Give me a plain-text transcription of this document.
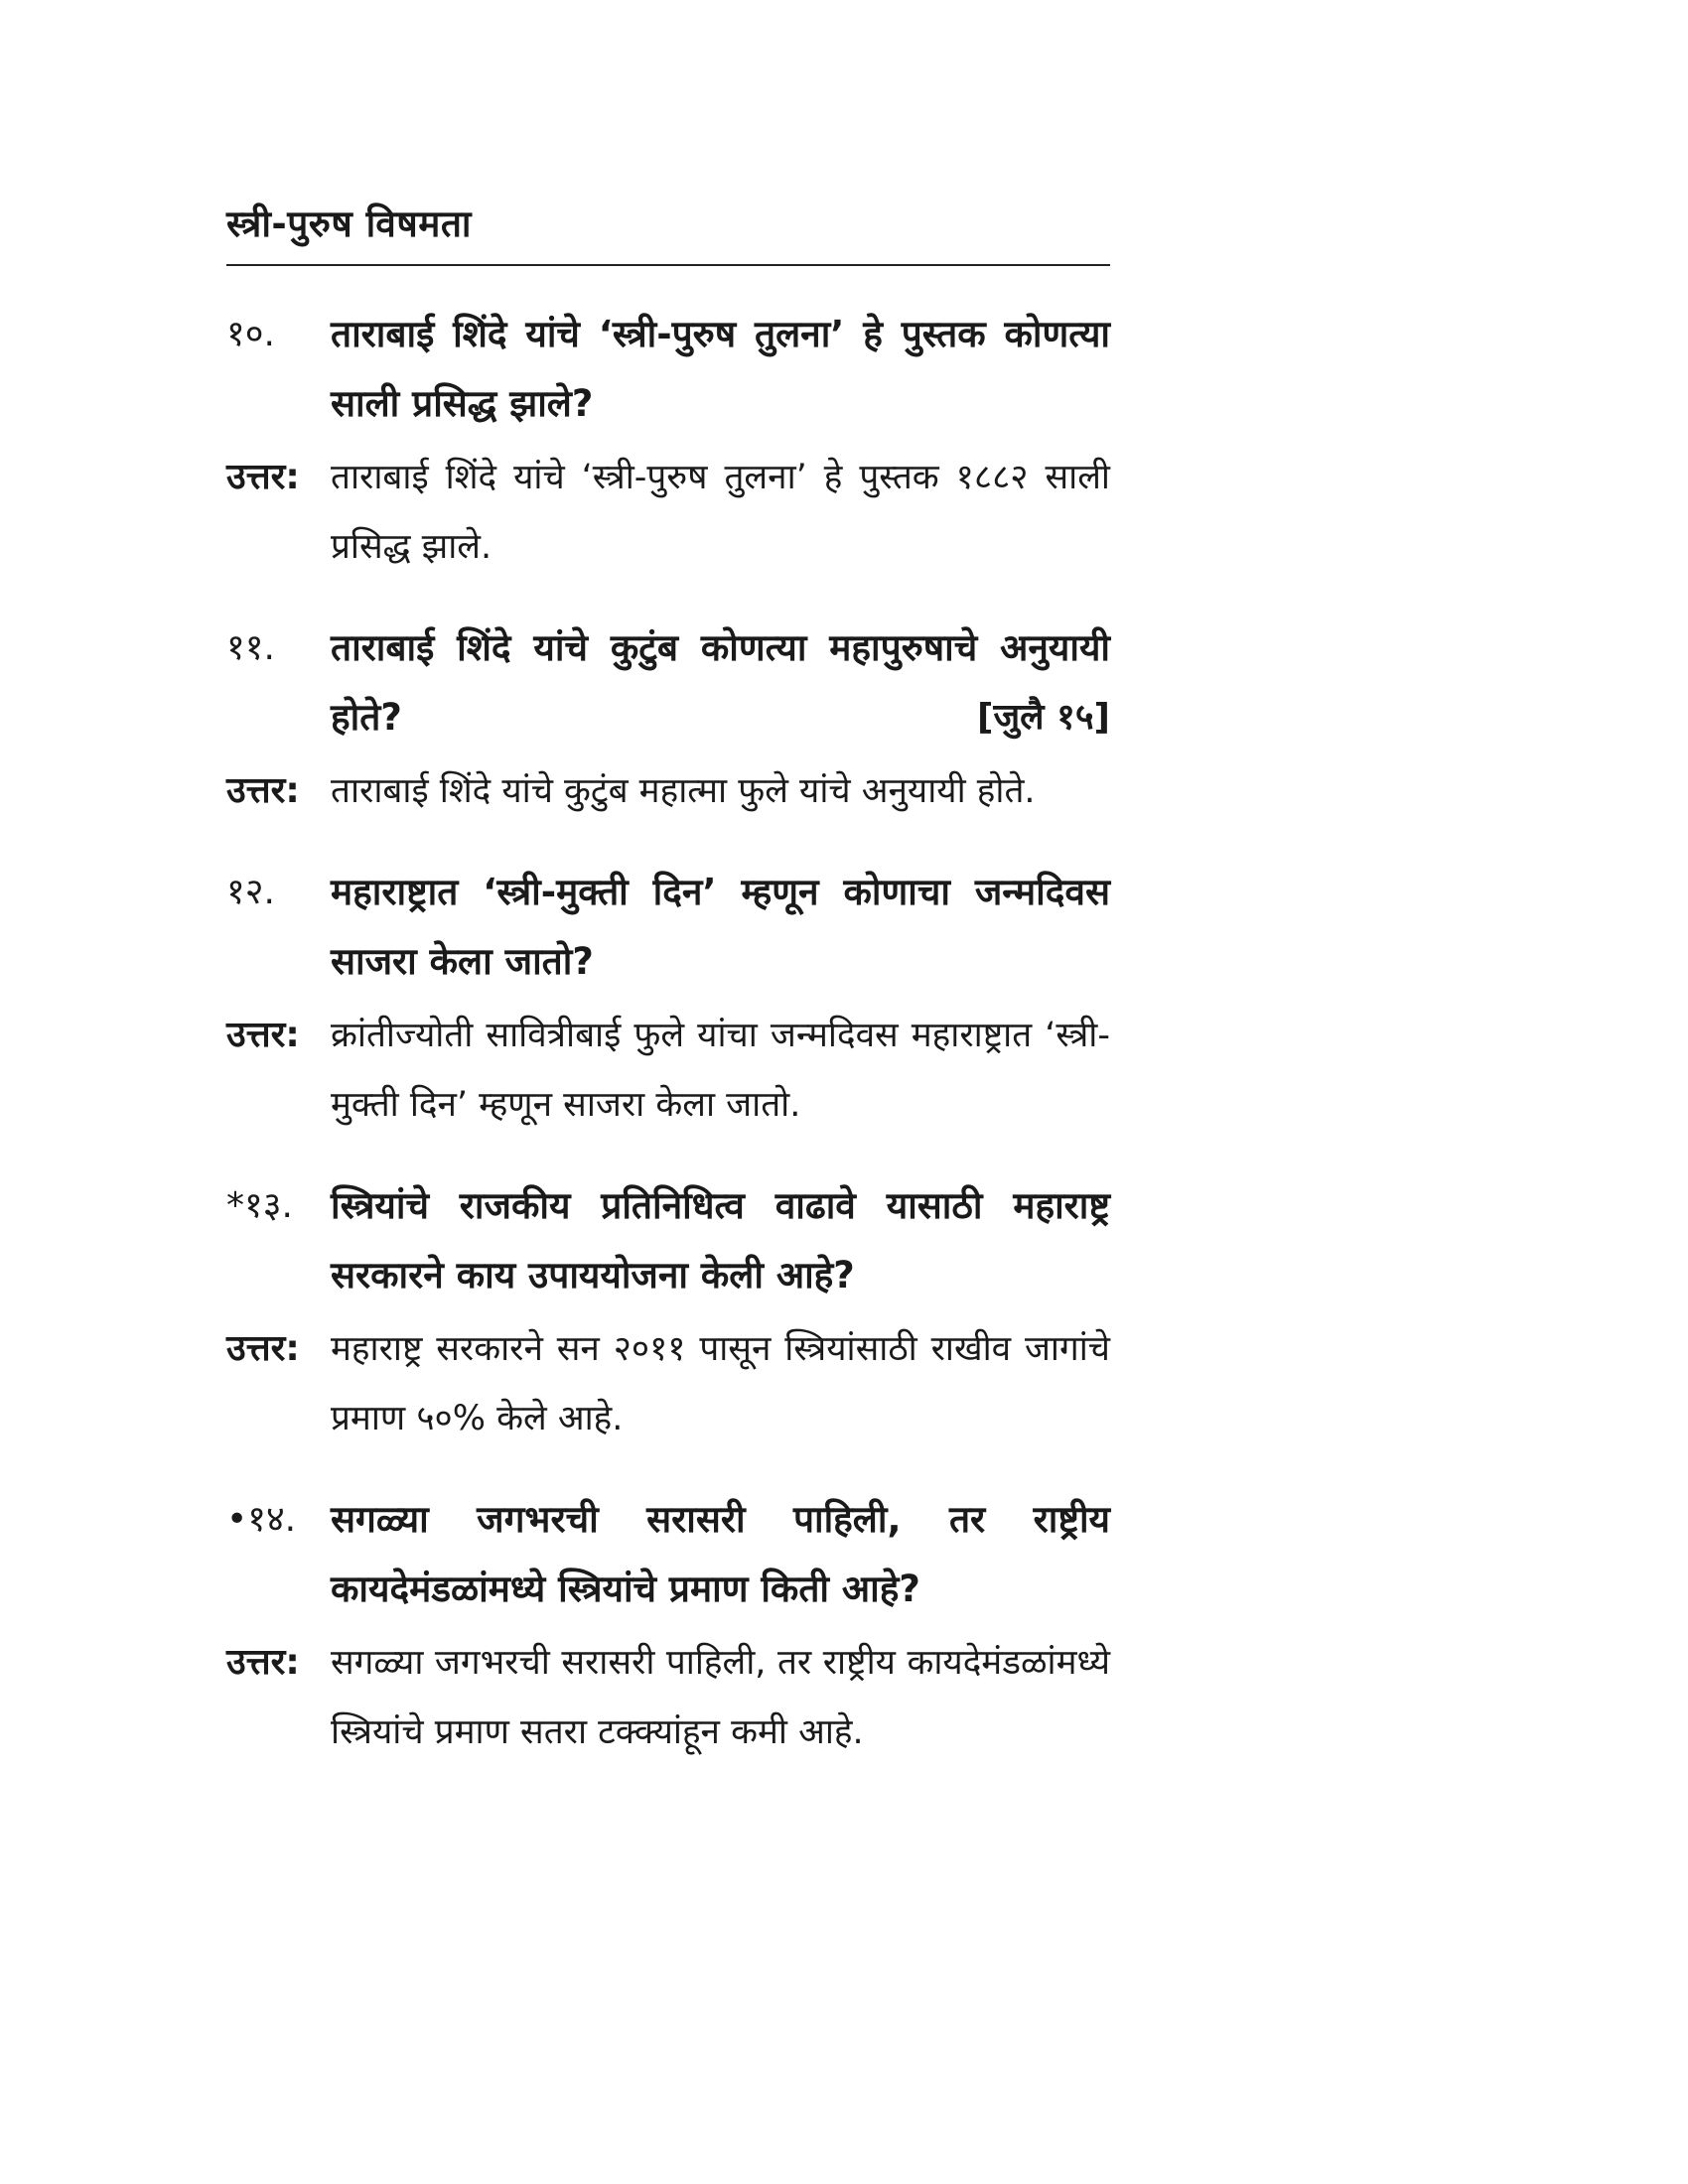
स्त्री-पुरुष विषमता
१०.	ताराबाई शिंदे यांचे ‘स्त्री-पुरुष तुलना’ हे पुस्तक कोणत्या साली प्रसिद्ध झाले?
उत्तर: ताराबाई शिंदे यांचे ‘स्त्री-पुरुष तुलना’ हे पुस्तक १८८२ साली प्रसिद्ध झाले.
११.	ताराबाई शिंदे यांचे कुटुंब कोणत्या महापुरुषाचे अनुयायी होते?	[जुलै १५]
उत्तर: ताराबाई शिंदे यांचे कुटुंब महात्मा फुले यांचे अनुयायी होते.
१२.	महाराष्ट्रात ‘स्त्री-मुक्ती दिन’ म्हणून कोणाचा जन्मदिवस साजरा केला जातो?
उत्तर: क्रांतीज्योती सावित्रीबाई फुले यांचा जन्मदिवस महाराष्ट्रात ‘स्त्री-मुक्ती दिन’ म्हणून साजरा केला जातो.
*१३.	स्त्रियांचे राजकीय प्रतिनिधित्व वाढावे यासाठी महाराष्ट्र सरकारने काय उपाययोजना केली आहे?
उत्तर: महाराष्ट्र सरकारने सन २०११ पासून स्त्रियांसाठी राखीव जागांचे प्रमाण ५०% केले आहे.
•१४. सगळ्या जगभरची सरासरी पाहिली, तर राष्ट्रीय कायदेमंडळांमध्ये स्त्रियांचे प्रमाण किती आहे?
उत्तर: सगळ्या जगभरची सरासरी पाहिली, तर राष्ट्रीय कायदेमंडळांमध्ये स्त्रियांचे प्रमाण सतरा टक्क्यांहून कमी आहे.
